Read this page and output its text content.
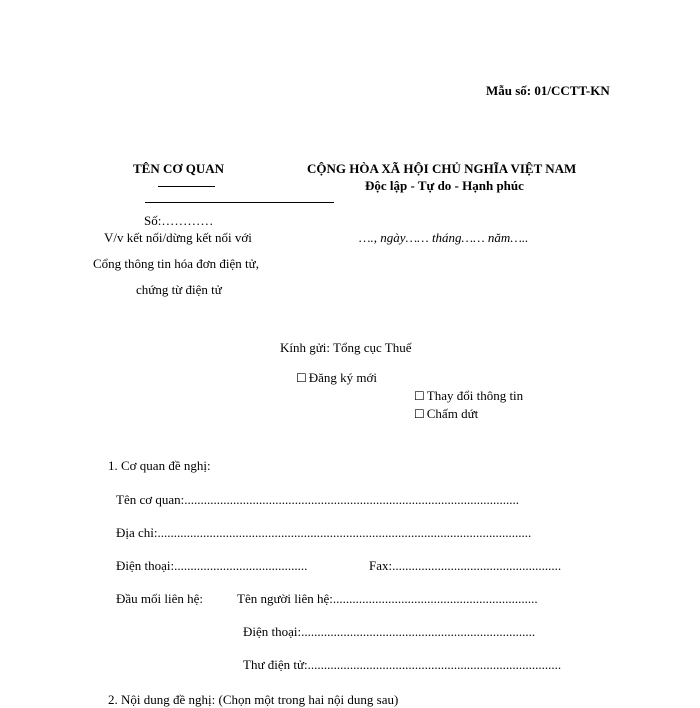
Mẫu số: 01/CCTT-KN
TÊN CƠ QUAN	CỘNG HÒA XÃ HỘI CHỦ NGHĨA VIỆT NAM
Độc lập - Tự do - Hạnh phúc
Số:…………
V/v kết nối/dừng kết nối với
Cổng thông tin hóa đơn điện tử,
chứng từ điện tử
…., ngày…… tháng…… năm…..
Kính gửi: Tổng cục Thuế
☐ Đăng ký mới
☐ Thay đổi thông tin
☐ Chấm dứt
1. Cơ quan đề nghị:
Tên cơ quan:.......................................................................................................
Địa chỉ:...................................................................................................................
Điện thoại:.........................................	Fax:....................................................
Đầu mối liên hệ:	Tên người liên hệ:...............................................................
Điện thoại:........................................................................
Thư điện tử:..............................................................................
2. Nội dung đề nghị: (Chọn một trong hai nội dung sau)
